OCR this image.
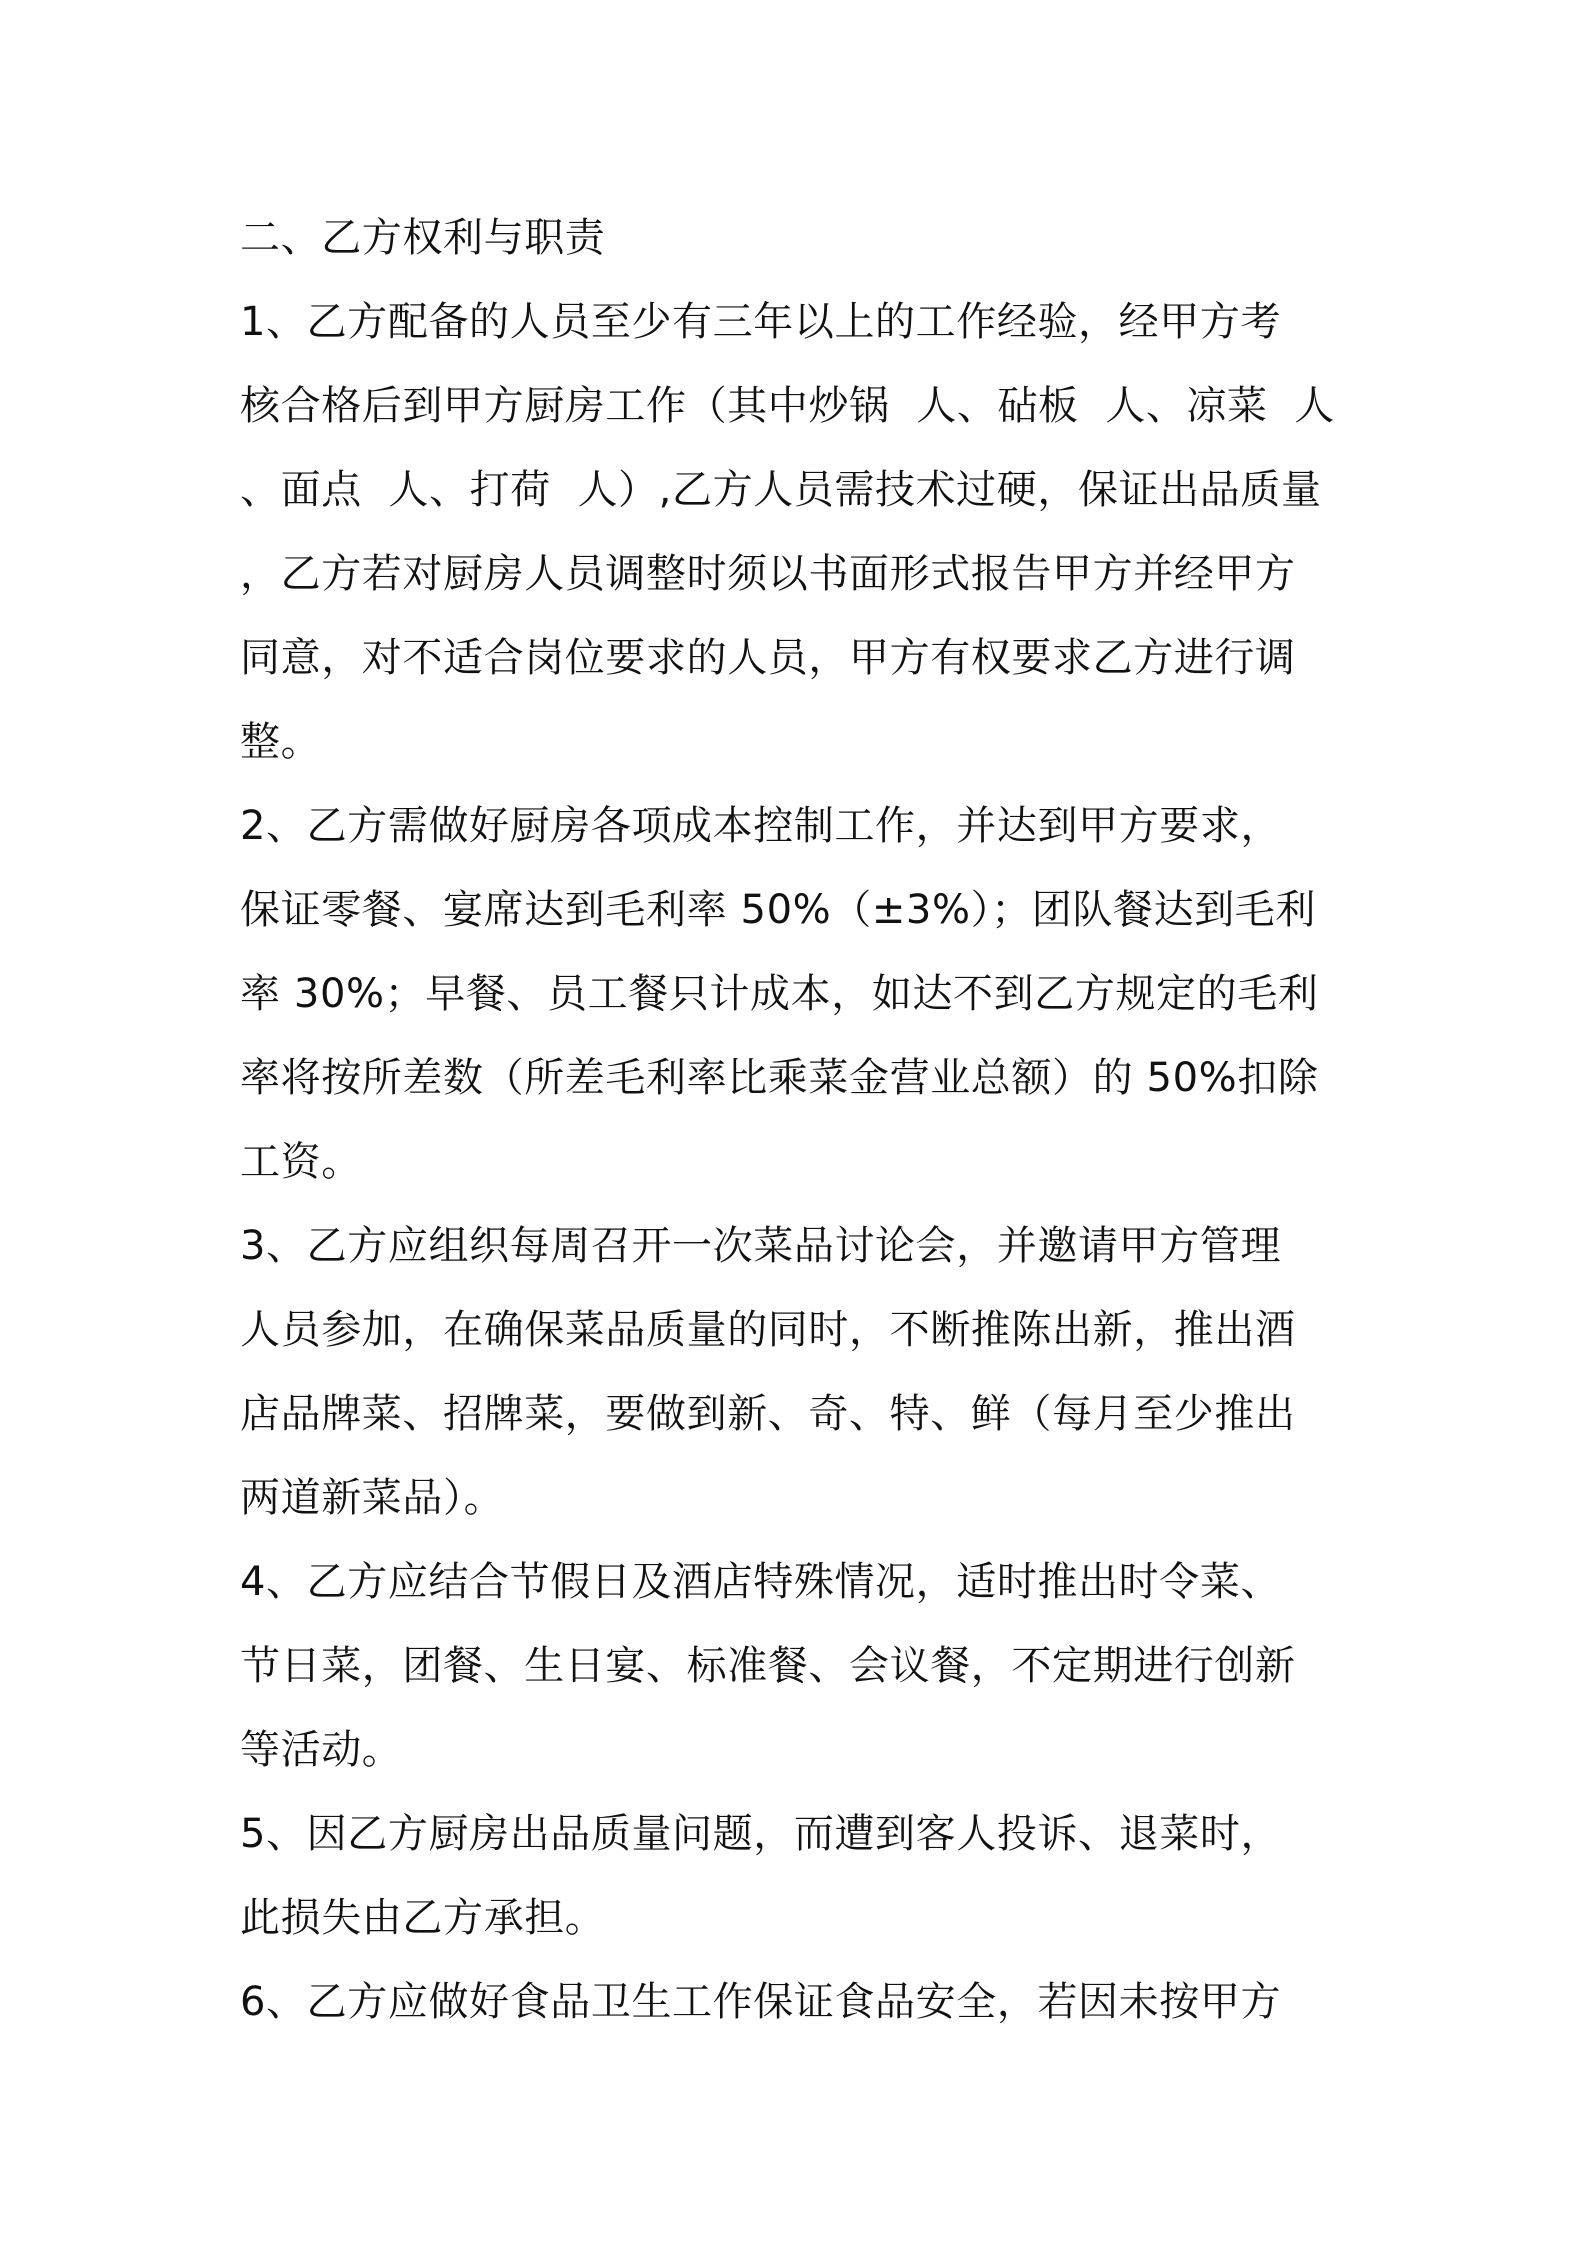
二、乙方权利与职责
1、乙方配备的人员至少有三年以上的工作经验，经甲方考
核合格后到甲方厨房工作（其中炒锅  人、砧板  人、凉菜  人
、面点  人、打荷  人）,乙方人员需技术过硬，保证出品质量
，乙方若对厨房人员调整时须以书面形式报告甲方并经甲方
同意，对不适合岗位要求的人员，甲方有权要求乙方进行调
整。
2、乙方需做好厨房各项成本控制工作，并达到甲方要求，
保证零餐、宴席达到毛利率 50%（±3%）；团队餐达到毛利
率 30%；早餐、员工餐只计成本，如达不到乙方规定的毛利
率将按所差数（所差毛利率比乘菜金营业总额）的 50%扣除
工资。
3、乙方应组织每周召开一次菜品讨论会，并邀请甲方管理
人员参加，在确保菜品质量的同时，不断推陈出新，推出酒
店品牌菜、招牌菜，要做到新、奇、特、鲜（每月至少推出
两道新菜品）。
4、乙方应结合节假日及酒店特殊情况，适时推出时令菜、
节日菜，团餐、生日宴、标准餐、会议餐，不定期进行创新
等活动。
5、因乙方厨房出品质量问题，而遭到客人投诉、退菜时，
此损失由乙方承担。
6、乙方应做好食品卫生工作保证食品安全，若因未按甲方
